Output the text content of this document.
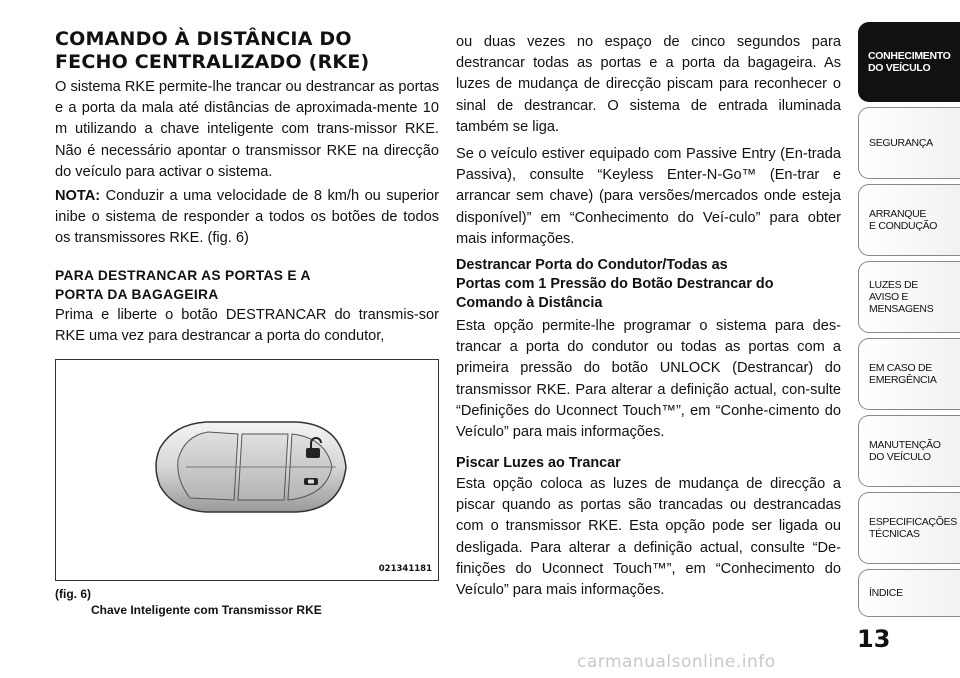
COMANDO À DISTÂNCIA DO
FECHO CENTRALIZADO (RKE)

O sistema RKE permite-lhe trancar ou destrancar as portas e a porta da mala até distâncias de aproximada-mente 10 m utilizando a chave inteligente com trans-missor RKE. Não é necessário apontar o transmissor RKE na direcção do veículo para activar o sistema.

NOTA: Conduzir a uma velocidade de 8 km/h ou superior inibe o sistema de responder a todos os botões de todos os transmissores RKE. (fig. 6)

PARA DESTRANCAR AS PORTAS E A
PORTA DA BAGAGEIRA

Prima e liberte o botão DESTRANCAR do transmis-sor RKE uma vez para destrancar a porta do condutor,

021341181
(fig. 6)
Chave Inteligente com Transmissor RKE

ou duas vezes no espaço de cinco segundos para destrancar todas as portas e a porta da bagageira. As luzes de mudança de direcção piscam para reconhecer o sinal de destrancar. O sistema de entrada iluminada também se liga.

Se o veículo estiver equipado com Passive Entry (En-trada Passiva), consulte “Keyless Enter-N-Go™ (En-trar e arrancar sem chave) (para versões/mercados onde esteja disponível)” em “Conhecimento do Veí-culo” para obter mais informações.

Destrancar Porta do Condutor/Todas as
Portas com 1 Pressão do Botão Destrancar do
Comando à Distância

Esta opção permite-lhe programar o sistema para des-trancar a porta do condutor ou todas as portas com a primeira pressão do botão UNLOCK (Destrancar) do transmissor RKE. Para alterar a definição actual, con-sulte “Definições do Uconnect Touch™”, em “Conhe-cimento do Veículo” para mais informações.

Piscar Luzes ao Trancar

Esta opção coloca as luzes de mudança de direcção a piscar quando as portas são trancadas ou destrancadas com o transmissor RKE. Esta opção pode ser ligada ou desligada. Para alterar a definição actual, consulte “De-finições do Uconnect Touch™”, em “Conhecimento do Veículo” para mais informações.

CONHECIMENTO
DO VEÍCULO
SEGURANÇA
ARRANQUE
E CONDUÇÃO
LUZES DE
AVISO E
MENSAGENS
EM CASO DE
EMERGÊNCIA
MANUTENÇÃO
DO VEÍCULO
ESPECIFICAÇÕES
TÉCNICAS
ÍNDICE
13
carmanualsonline.info
